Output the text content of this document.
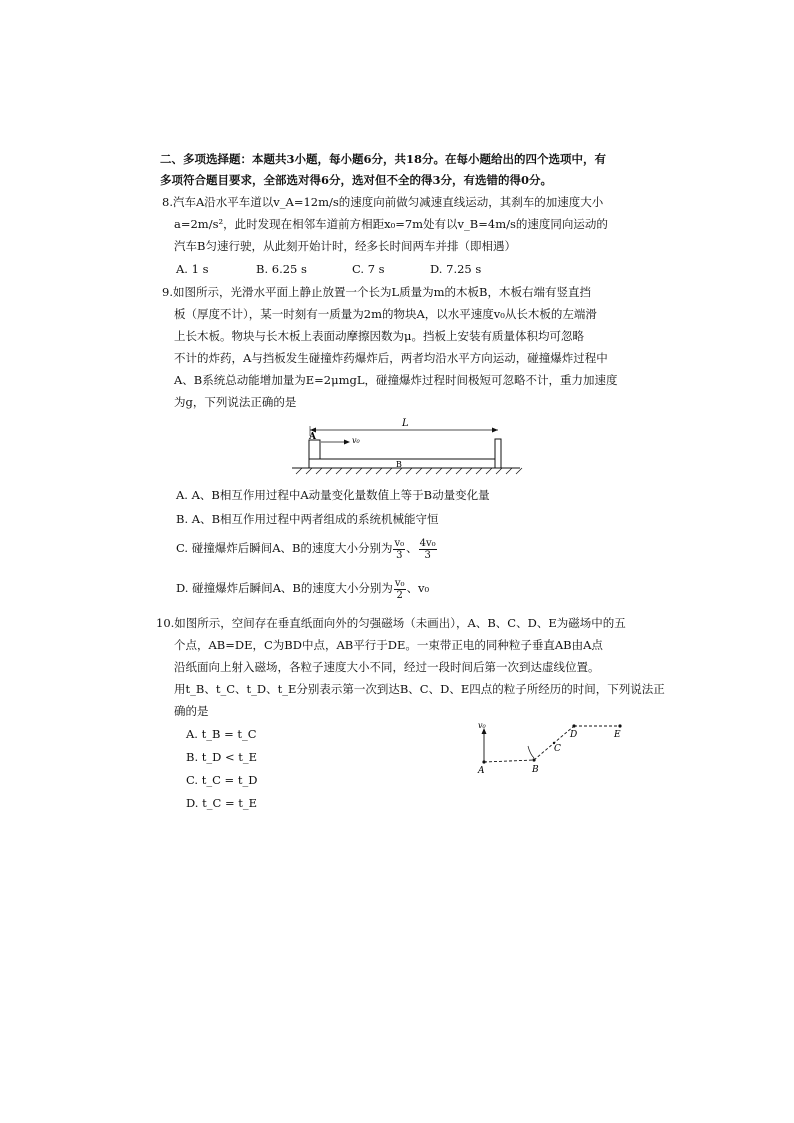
二、多项选择题：本题共3小题，每小题6分，共18分。在每小题给出的四个选项中，有
多项符合题目要求，全部选对得6分，选对但不全的得3分，有选错的得0分。
8.汽车A沿水平车道以v_A=12m/s的速度向前做匀减速直线运动，其刹车的加速度大小
a=2m/s²，此时发现在相邻车道前方相距x₀=7m处有以v_B=4m/s的速度同向运动的
汽车B匀速行驶，从此刻开始计时，经多长时间两车并排（即相遇）
A. 1 s	B. 6.25 s	C. 7 s	D. 7.25 s
9.如图所示，光滑水平面上静止放置一个长为L质量为m的木板B，木板右端有竖直挡
板（厚度不计），某一时刻有一质量为2m的物块A，以水平速度v₀从长木板的左端滑
上长木板。物块与长木板上表面动摩擦因数为μ。挡板上安装有质量体积均可忽略
不计的炸药，A与挡板发生碰撞炸药爆炸后，两者均沿水平方向运动，碰撞爆炸过程中
A、B系统总动能增加量为E=2μmgL，碰撞爆炸过程时间极短可忽略不计，重力加速度
为g，下列说法正确的是
L
A	v₀
B
A. A、B相互作用过程中A动量变化量数值上等于B动量变化量
B. A、B相互作用过程中两者组成的系统机械能守恒
C. 碰撞爆炸后瞬间A、B的速度大小分别为 $\frac{\text{v₀}}{3}$ 、 $\frac{\text{4v₀}}{3}$
D. 碰撞爆炸后瞬间A、B的速度大小分别为 $\frac{\text{v₀}}{2}$ 、v₀
10.如图所示，空间存在垂直纸面向外的匀强磁场（未画出），A、B、C、D、E为磁场中的五
个点，AB=DE，C为BD中点，AB平行于DE。一束带正电的同种粒子垂直AB由A点
沿纸面向上射入磁场，各粒子速度大小不同，经过一段时间后第一次到达虚线位置。
用t_B、t_C、t_D、t_E分别表示第一次到达B、C、D、E四点的粒子所经历的时间，下列说法正
确的是
A. t_B = t_C
B. t_D < t_E
C. t_C = t_D
D. t_C = t_E
v₀
A	B
C
D	E
